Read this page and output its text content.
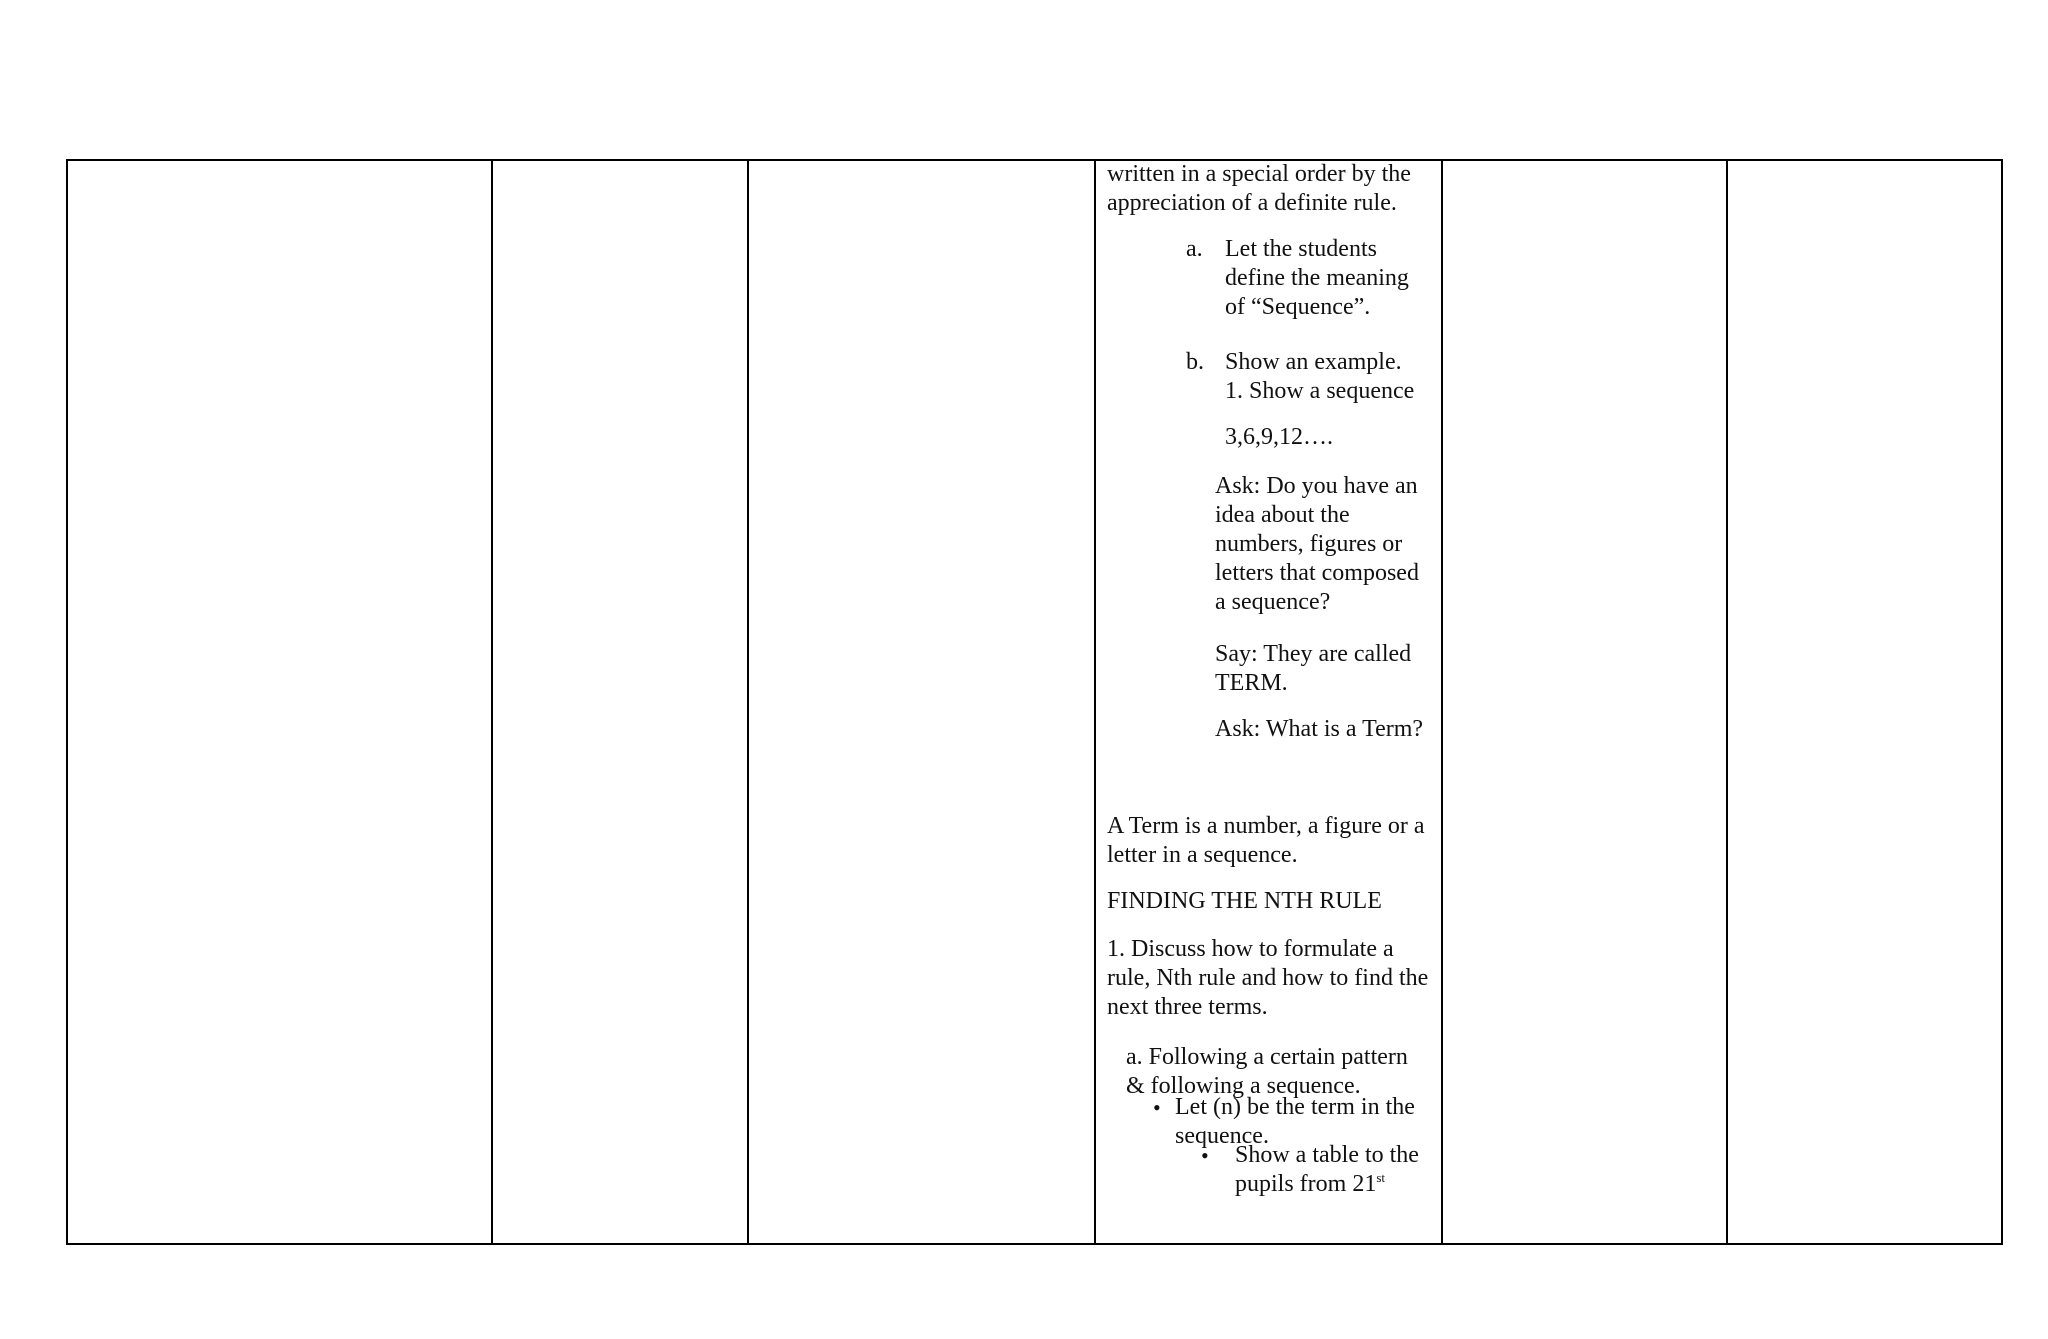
written in a special order by the
appreciation of a definite rule.
a. Let the students
define the meaning
of “Sequence”.
b. Show an example.
1. Show a sequence
3,6,9,12….
Ask: Do you have an
idea about the
numbers, figures or
letters that composed
a sequence?
Say: They are called
TERM.
Ask: What is a Term?
A Term is a number, a figure or a
letter in a sequence.
FINDING THE NTH RULE
1. Discuss how to formulate a
rule, Nth rule and how to find the
next three terms.
a. Following a certain pattern
& following a sequence.
• Let (n) be the term in the
sequence.
• Show a table to the
pupils from 21st
